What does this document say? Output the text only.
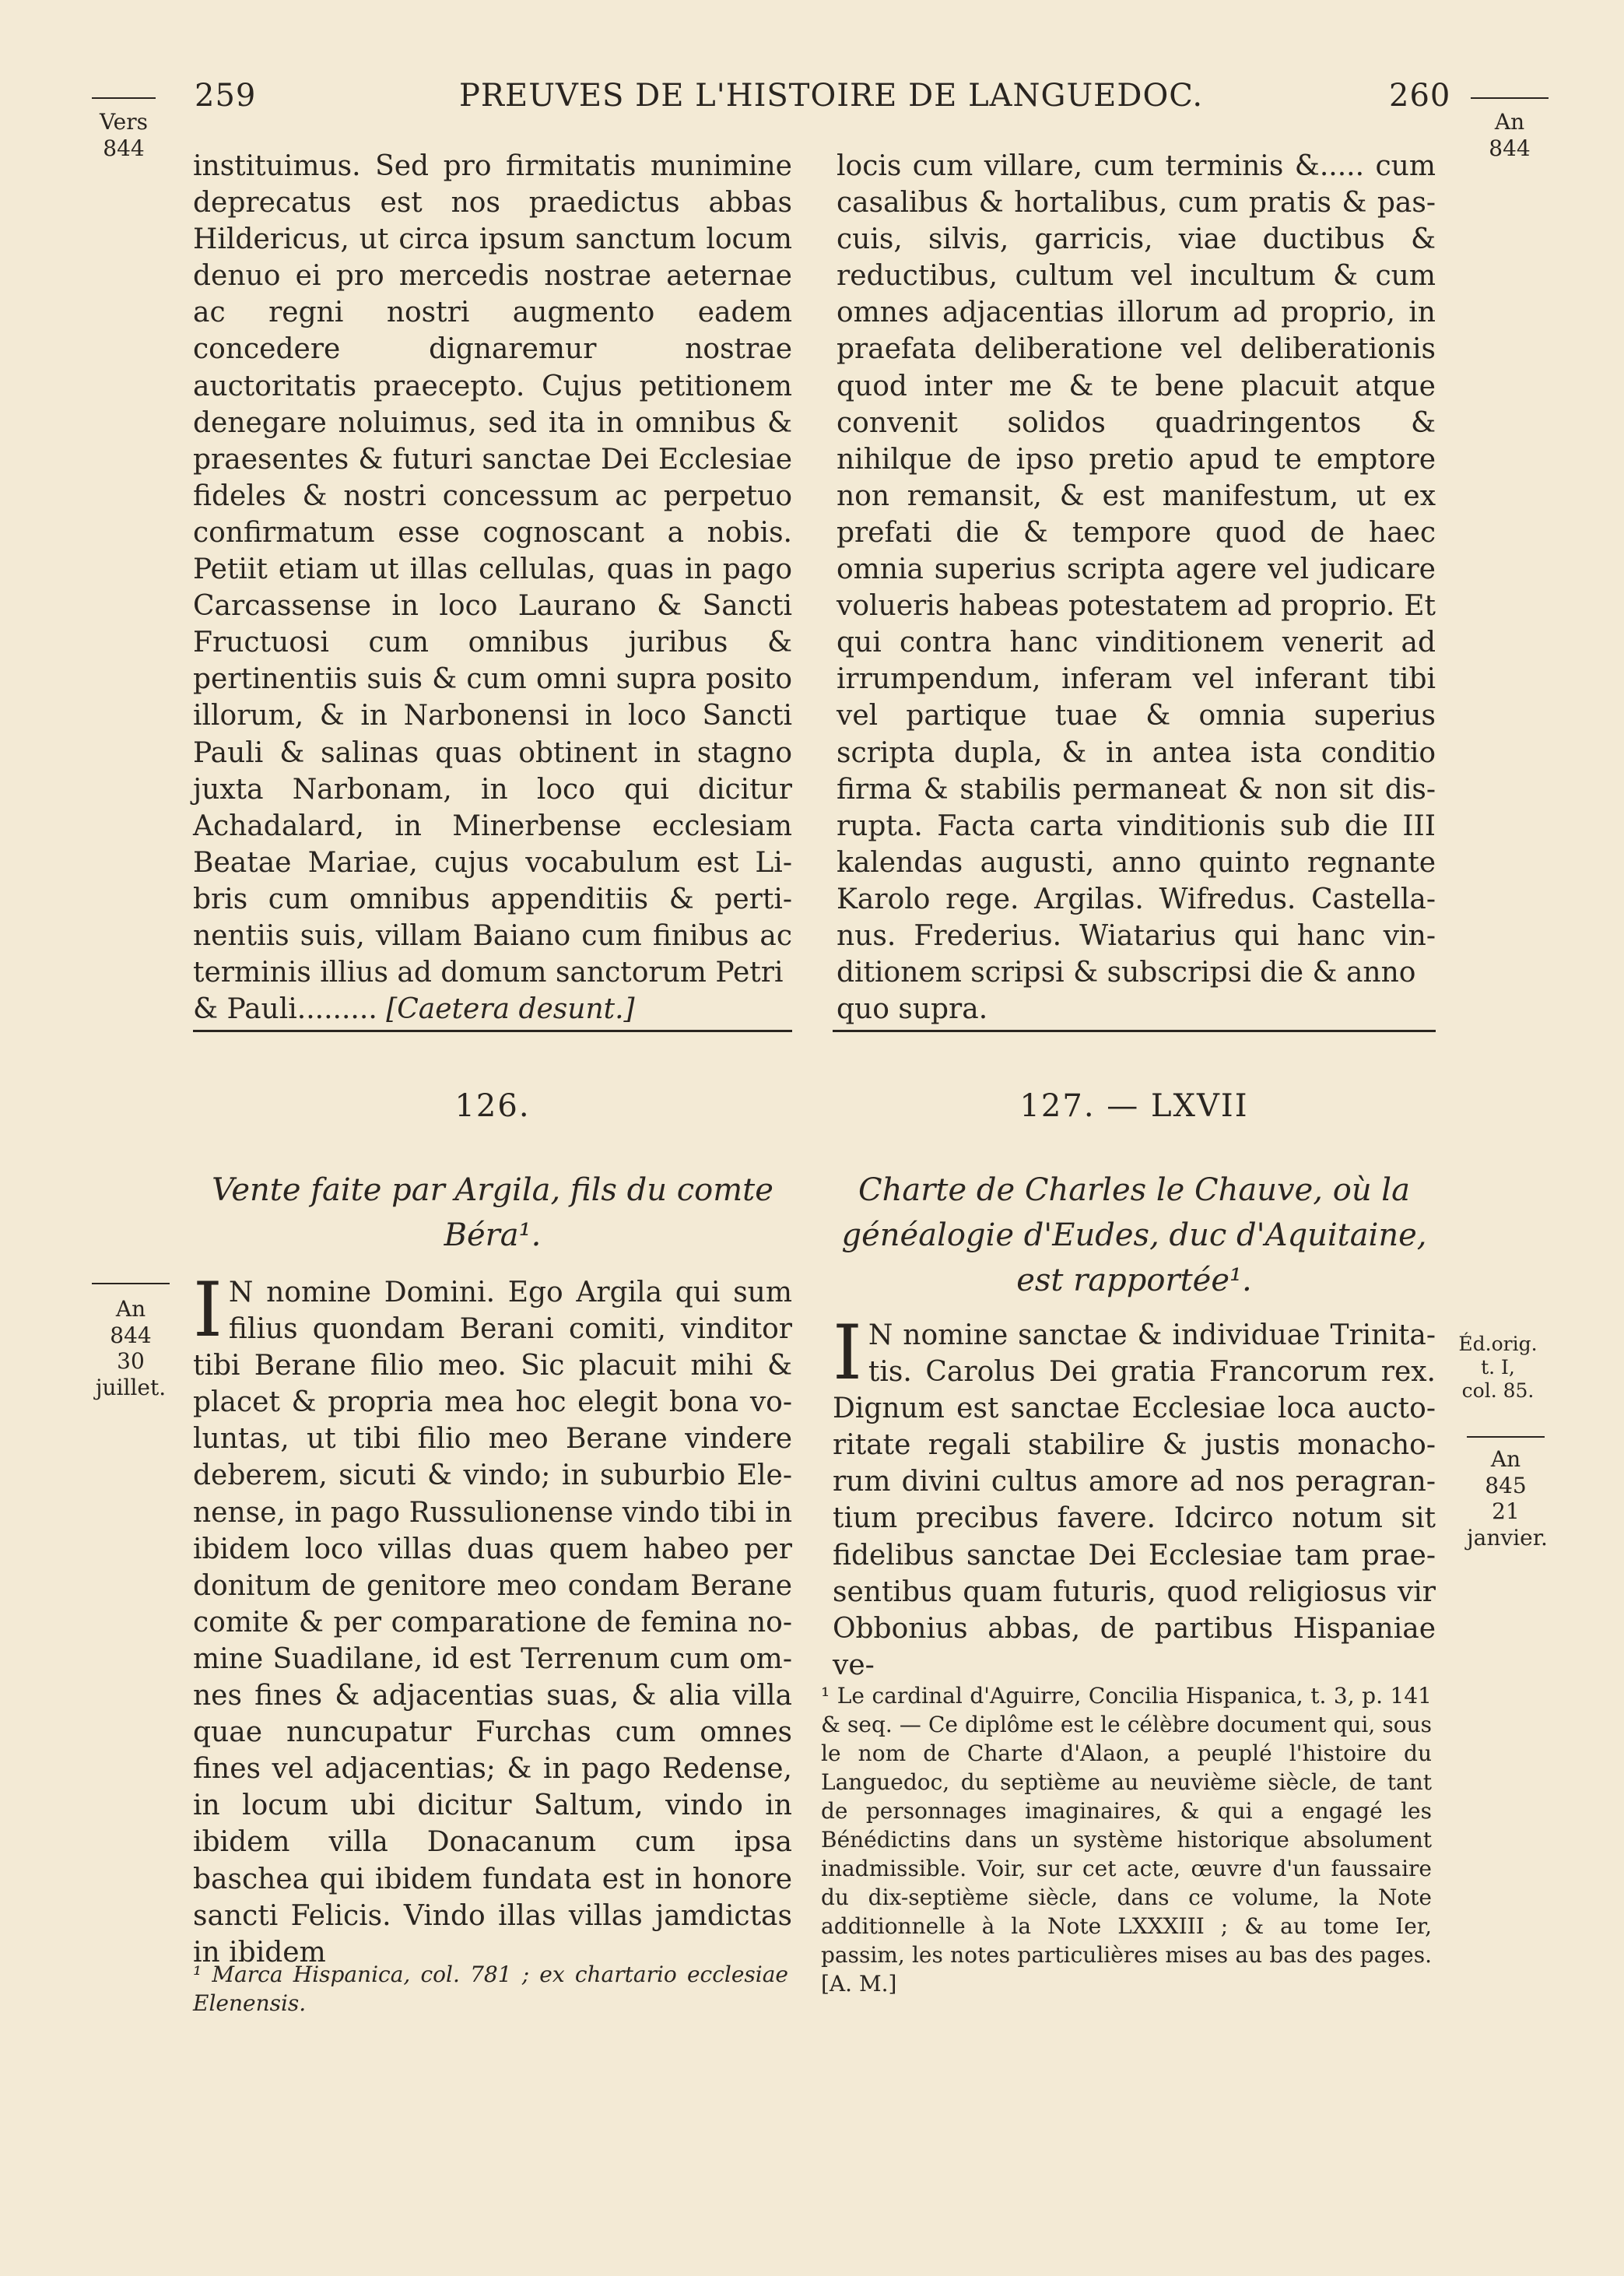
259	PREUVES DE L'HISTOIRE DE LANGUEDOC.	260
Vers
844
An
844

instituimus. Sed pro firmitatis munimine deprecatus est nos praedictus abbas Hildericus, ut circa ipsum sanctum locum denuo ei pro mercedis nostrae aeternae ac regni nostri augmento eadem concedere dignaremur nostrae auctoritatis praecepto. Cujus petitionem denegare noluimus, sed ita in omnibus & praesentes & futuri sanctae Dei Ecclesiae fideles & nostri concessum ac perpetuo confirmatum esse cognoscant a nobis. Petiit etiam ut illas cellulas, quas in pago Carcassense in loco Laurano & Sancti Fructuosi cum omnibus juribus & pertinentiis suis & cum omni supra posito illorum, & in Narbonensi in loco Sancti Pauli & salinas quas obtinent in stagno juxta Narbonam, in loco qui dicitur Achadalard, in Minerbense ecclesiam Beatae Mariae, cujus vocabulum est Libris cum omnibus appenditiis & pertinentiis suis, villam Baiano cum finibus ac terminis illius ad domum sanctorum Petri

& Pauli......... [Caetera desunt.]

locis cum villare, cum terminis &..... cum casalibus & hortalibus, cum pratis & pascuis, silvis, garricis, viae ductibus & reductibus, cultum vel incultum & cum omnes adjacentias illorum ad proprio, in praefata deliberatione vel deliberationis quod inter me & te bene placuit atque convenit solidos quadringentos & nihilque de ipso pretio apud te emptore non remansit, & est manifestum, ut ex prefati die & tempore quod de haec omnia superius scripta agere vel judicare volueris habeas potestatem ad proprio. Et qui contra hanc vinditionem venerit ad irrumpendum, inferam vel inferant tibi vel partique tuae & omnia superius scripta dupla, & in antea ista conditio firma & stabilis permaneat & non sit disrupta. Facta carta vinditionis sub die III kalendas augusti, anno quinto regnante Karolo rege. Argilas. Wifredus. Castellanus. Frederius. Wiatarius qui hanc vinditionem scripsi & subscripsi die & anno

quo supra.

126.
Vente faite par Argila, fils du comte Béra¹.
An
844
30
juillet.

I N nomine Domini. Ego Argila qui sum filius quondam Berani comiti, vinditor tibi Berane filio meo. Sic placuit mihi & placet & propria mea hoc elegit bona voluntas, ut tibi filio meo Berane vindere deberem, sicuti & vindo; in suburbio Elenense, in pago Russulionense vindo tibi in ibidem loco villas duas quem habeo per donitum de genitore meo condam Berane comite & per comparatione de femina nomine Suadilane, id est Terrenum cum omnes fines & adjacentias suas, & alia villa quae nuncupatur Furchas cum omnes fines vel adjacentias; & in pago Redense, in locum ubi dicitur Saltum, vindo in ibidem villa Donacanum cum ipsa baschea qui ibidem fundata est in honore sancti Felicis. Vindo illas villas jamdictas in ibidem

¹ Marca Hispanica, col. 781 ; ex chartario ecclesiae Elenensis.
127. — LXVII
Charte de Charles le Chauve, où la généalogie d'Eudes, duc d'Aquitaine, est rapportée¹.

I N nomine sanctae & individuae Trinitatis. Carolus Dei gratia Francorum rex. Dignum est sanctae Ecclesiae loca auctoritate regali stabilire & justis monachorum divini cultus amore ad nos peragrantium precibus favere. Idcirco notum sit fidelibus sanctae Dei Ecclesiae tam praesentibus quam futuris, quod religiosus vir Obbonius abbas, de partibus Hispaniae ve-

Éd.orig.
t. I,
col. 85.
An
845
21
janvier.
¹ Le cardinal d'Aguirre, Concilia Hispanica, t. 3, p. 141 & seq. — Ce diplôme est le célèbre document qui, sous le nom de Charte d'Alaon, a peuplé l'histoire du Languedoc, du septième au neuvième siècle, de tant de personnages imaginaires, & qui a engagé les Bénédictins dans un système historique absolument inadmissible. Voir, sur cet acte, œuvre d'un faussaire du dix-septième siècle, dans ce volume, la Note additionnelle à la Note LXXXIII ; & au tome Ier, passim, les notes particulières mises au bas des pages. [A. M.]
